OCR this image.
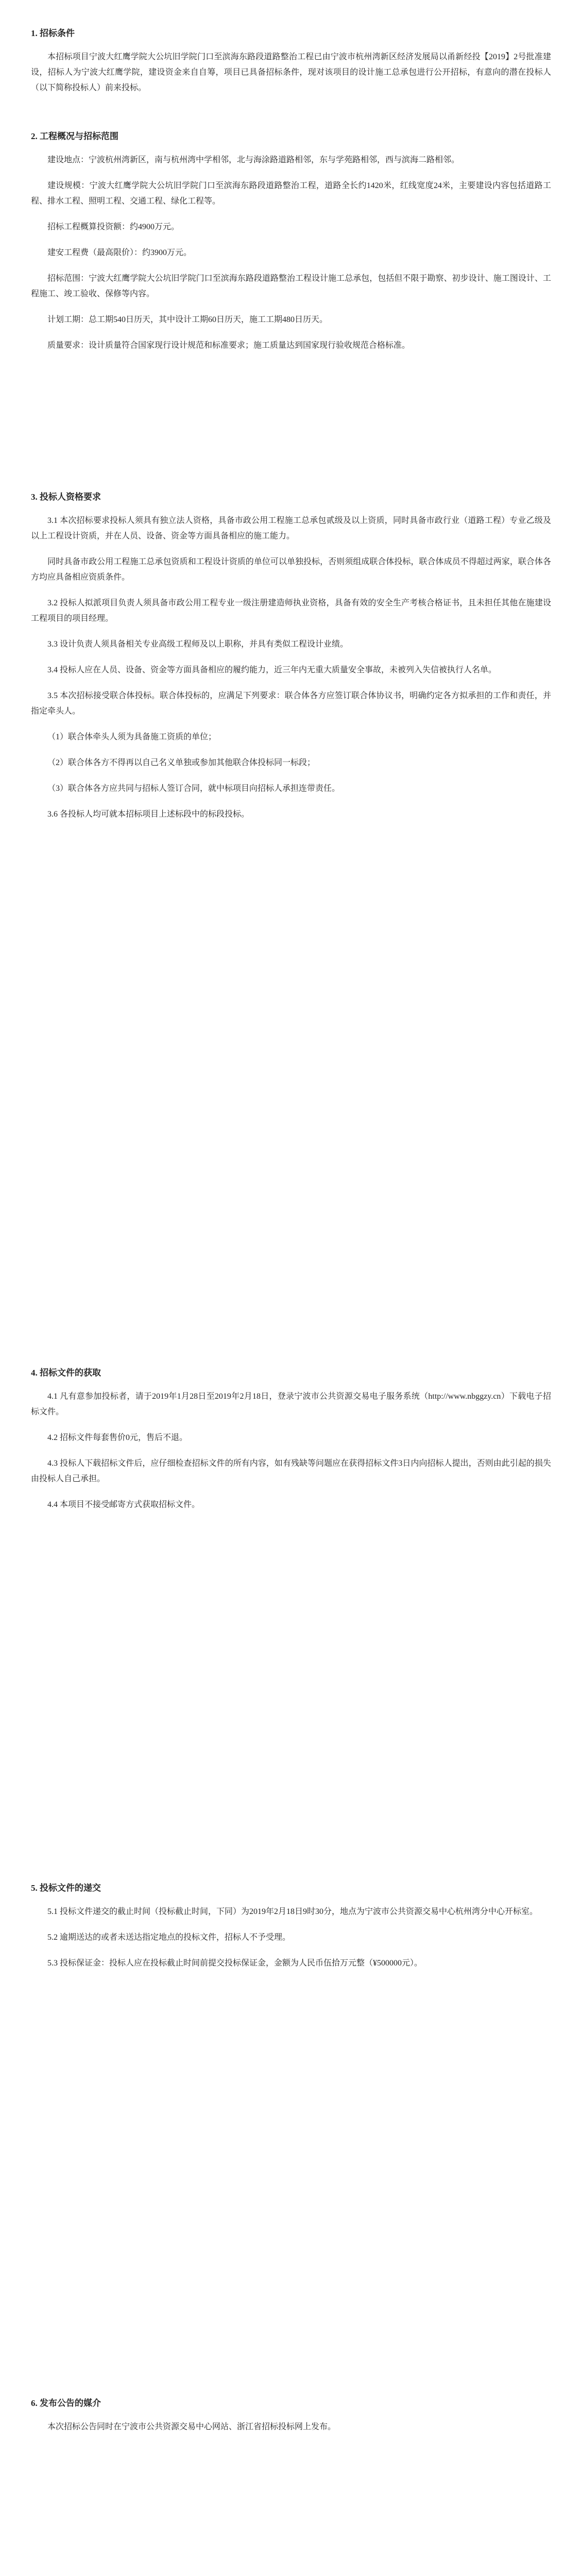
1. 招标条件

本招标项目宁波大红鹰学院大公坑旧学院门口至滨海东路段道路整治工程已由宁波市杭州湾新区经济发展局以甬新经投【2019】2号批准建设，招标人为宁波大红鹰学院，建设资金来自自筹，项目已具备招标条件，现对该项目的设计施工总承包进行公开招标，有意向的潜在投标人（以下简称投标人）前来投标。

2. 工程概况与招标范围

建设地点：宁波杭州湾新区，南与杭州湾中学相邻，北与海涂路道路相邻，东与学苑路相邻，西与滨海二路相邻。

建设规模：宁波大红鹰学院大公坑旧学院门口至滨海东路段道路整治工程，道路全长约1420米，红线宽度24米，主要建设内容包括道路工程、排水工程、照明工程、交通工程、绿化工程等。

招标工程概算投资额：约4900万元。

建安工程费（最高限价）：约3900万元。

招标范围：宁波大红鹰学院大公坑旧学院门口至滨海东路段道路整治工程设计施工总承包，包括但不限于勘察、初步设计、施工图设计、工程施工、竣工验收、保修等内容。

计划工期：总工期540日历天，其中设计工期60日历天，施工工期480日历天。

质量要求：设计质量符合国家现行设计规范和标准要求；施工质量达到国家现行验收规范合格标准。

3. 投标人资格要求

3.1 本次招标要求投标人须具有独立法人资格，具备市政公用工程施工总承包贰级及以上资质，同时具备市政行业（道路工程）专业乙级及以上工程设计资质，并在人员、设备、资金等方面具备相应的施工能力。

同时具备市政公用工程施工总承包资质和工程设计资质的单位可以单独投标，否则须组成联合体投标，联合体成员不得超过两家，联合体各方均应具备相应资质条件。

3.2 投标人拟派项目负责人须具备市政公用工程专业一级注册建造师执业资格，具备有效的安全生产考核合格证书，且未担任其他在施建设工程项目的项目经理。

3.3 设计负责人须具备相关专业高级工程师及以上职称，并具有类似工程设计业绩。

3.4 投标人应在人员、设备、资金等方面具备相应的履约能力，近三年内无重大质量安全事故，未被列入失信被执行人名单。

3.5 本次招标接受联合体投标。联合体投标的，应满足下列要求：联合体各方应签订联合体协议书，明确约定各方拟承担的工作和责任，并指定牵头人。

（1）联合体牵头人须为具备施工资质的单位；

（2）联合体各方不得再以自己名义单独或参加其他联合体投标同一标段；

（3）联合体各方应共同与招标人签订合同，就中标项目向招标人承担连带责任。

3.6 各投标人均可就本招标项目上述标段中的标段投标。

4. 招标文件的获取

4.1 凡有意参加投标者，请于2019年1月28日至2019年2月18日，登录宁波市公共资源交易电子服务系统（http://www.nbggzy.cn）下载电子招标文件。

4.2 招标文件每套售价0元，售后不退。

4.3 投标人下载招标文件后，应仔细检查招标文件的所有内容，如有残缺等问题应在获得招标文件3日内向招标人提出，否则由此引起的损失由投标人自己承担。

4.4 本项目不接受邮寄方式获取招标文件。

5. 投标文件的递交

5.1 投标文件递交的截止时间（投标截止时间，下同）为2019年2月18日9时30分，地点为宁波市公共资源交易中心杭州湾分中心开标室。

5.2 逾期送达的或者未送达指定地点的投标文件，招标人不予受理。

5.3 投标保证金：投标人应在投标截止时间前提交投标保证金，金额为人民币伍拾万元整（¥500000元）。

6. 发布公告的媒介

本次招标公告同时在宁波市公共资源交易中心网站、浙江省招标投标网上发布。
